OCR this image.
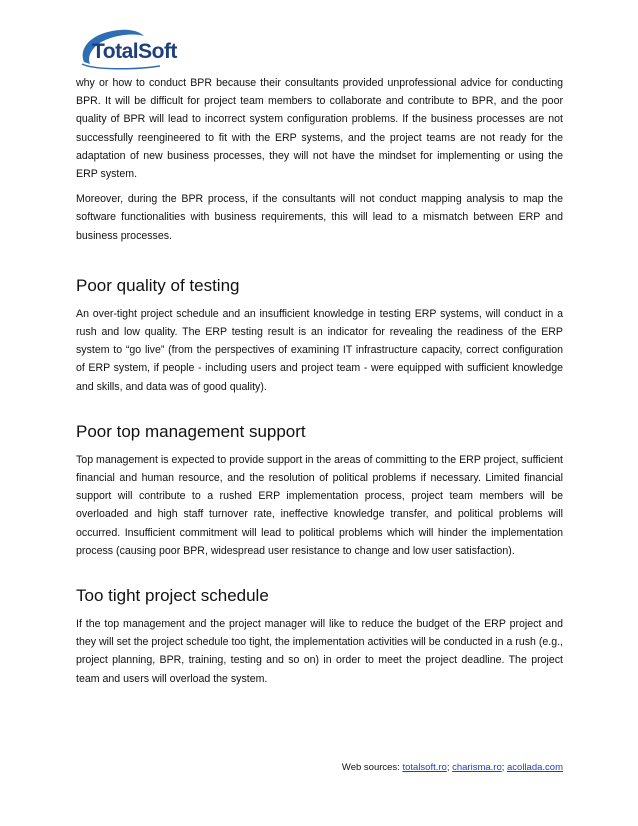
TotalSoft

why or how to conduct BPR because their consultants provided unprofessional advice for conducting BPR. It will be difficult for project team members to collaborate and contribute to BPR, and the poor quality of BPR will lead to incorrect system configuration problems. If the business processes are not successfully reengineered to fit with the ERP systems, and the project teams are not ready for the adaptation of new business processes, they will not have the mindset for implementing or using the ERP system.

Moreover, during the BPR process, if the consultants will not conduct mapping analysis to map the software functionalities with business requirements, this will lead to a mismatch between ERP and business processes.

Poor quality of testing

An over-tight project schedule and an insufficient knowledge in testing ERP systems, will conduct in a rush and low quality. The ERP testing result is an indicator for revealing the readiness of the ERP system to “go live” (from the perspectives of examining IT infrastructure capacity, correct configuration of ERP system, if people - including users and project team - were equipped with sufficient knowledge and skills, and data was of good quality).

Poor top management support

Top management is expected to provide support in the areas of committing to the ERP project, sufficient financial and human resource, and the resolution of political problems if necessary. Limited financial support will contribute to a rushed ERP implementation process, project team members will be overloaded and high staff turnover rate, ineffective knowledge transfer, and political problems will occurred. Insufficient commitment will lead to political problems which will hinder the implementation process (causing poor BPR, widespread user resistance to change and low user satisfaction).

Too tight project schedule

If the top management and the project manager will like to reduce the budget of the ERP project and they will set the project schedule too tight, the implementation activities will be conducted in a rush (e.g., project planning, BPR, training, testing and so on) in order to meet the project deadline. The project team and users will overload the system.

Web sources: totalsoft.ro; charisma.ro; acollada.com
